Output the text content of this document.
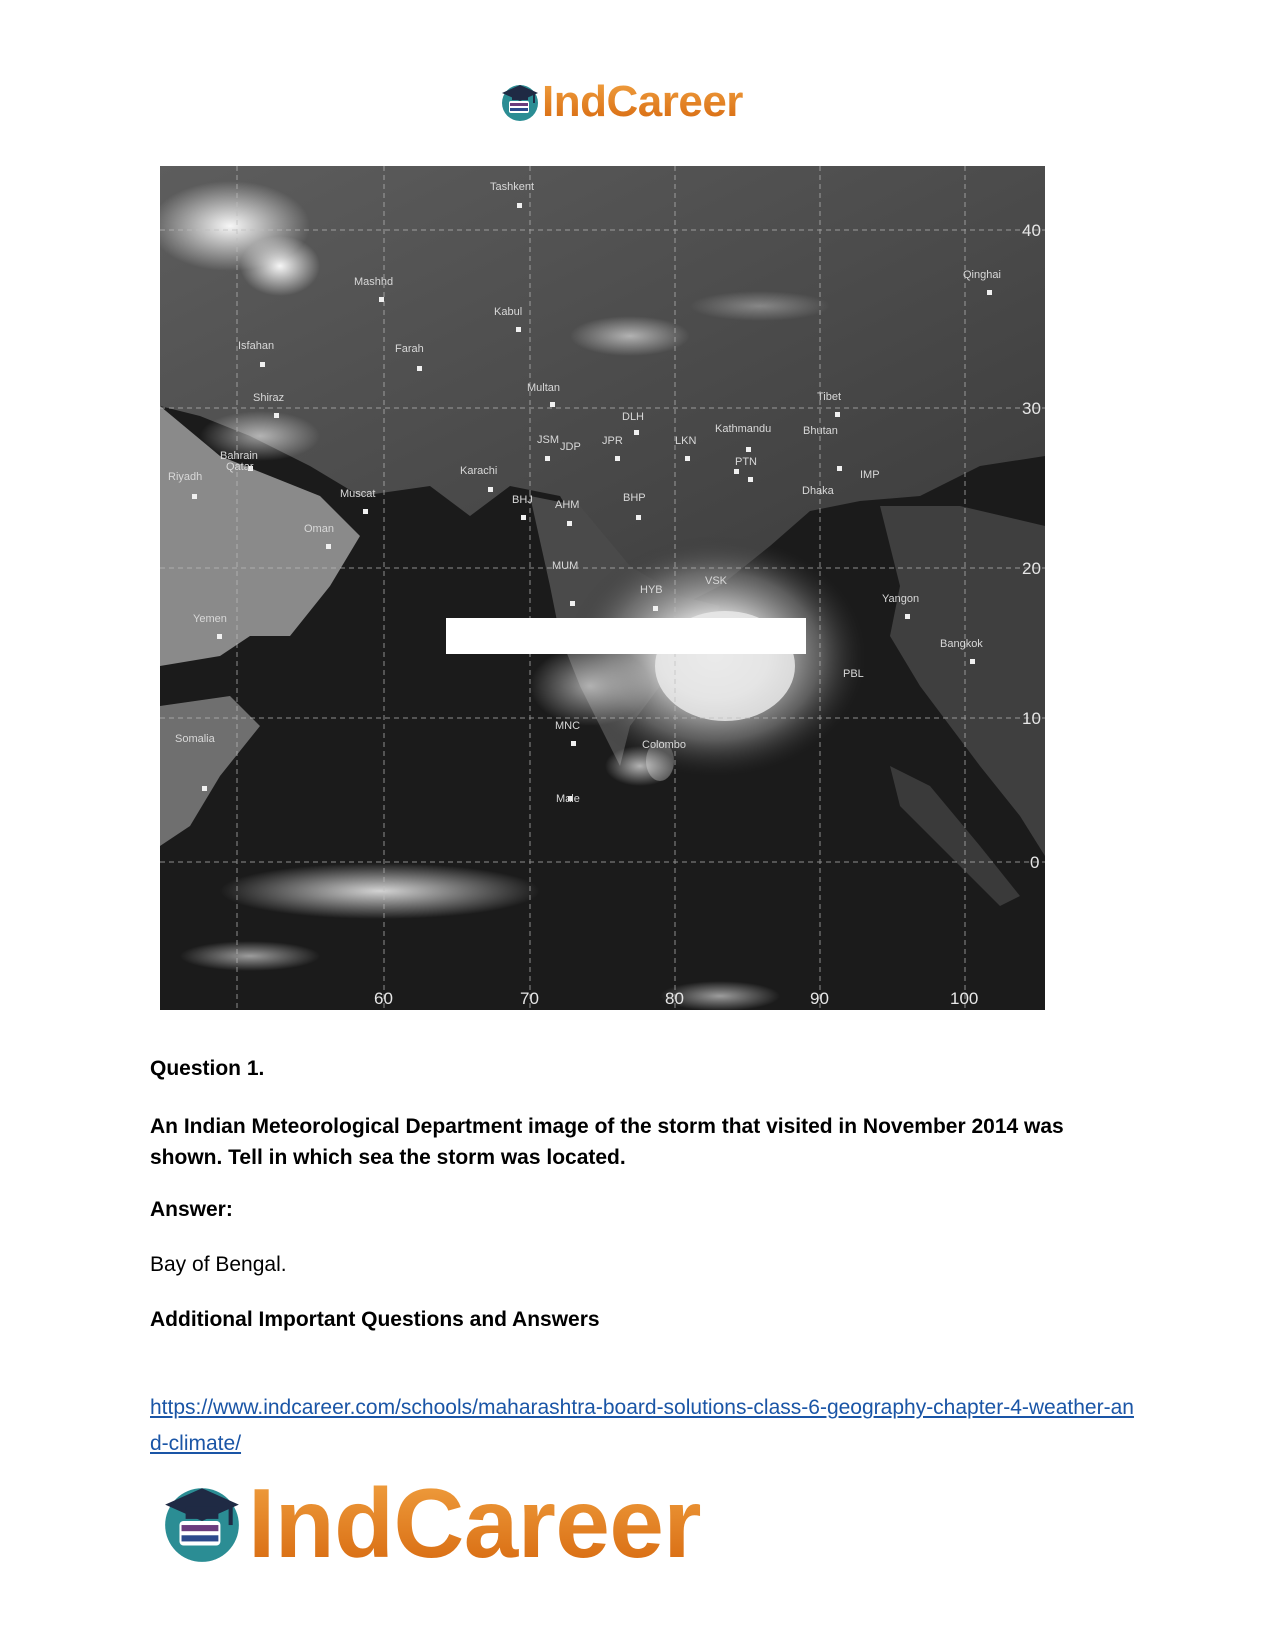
IndCareer
Tashkent
Mashhd
Kabul
Isfahan	Farah
Shiraz
Multan
Tibet
Qinghai
Bahrain
Qatar
Riyadh
Muscat
Oman
Karachi
JSM
JDP JPR
DLH
LKN
Kathmandu	Bhutan
PTN
IMP
BHJ AHM
BHP
Dhaka
Yemen
MUM
HYB
VSK
Yangon
Bangkok
Somalia
MNC
Colombo
Male
PBL
40
30
20
10
0
60	70	80	90	100
Question 1.
An Indian Meteorological Department image of the storm that visited in November 2014 was shown. Tell in which sea the storm was located.
Answer:
Bay of Bengal.
Additional Important Questions and Answers
https://www.indcareer.com/schools/maharashtra-board-solutions-class-6-geography-chapter-4-weather-and-climate/
IndCareer
